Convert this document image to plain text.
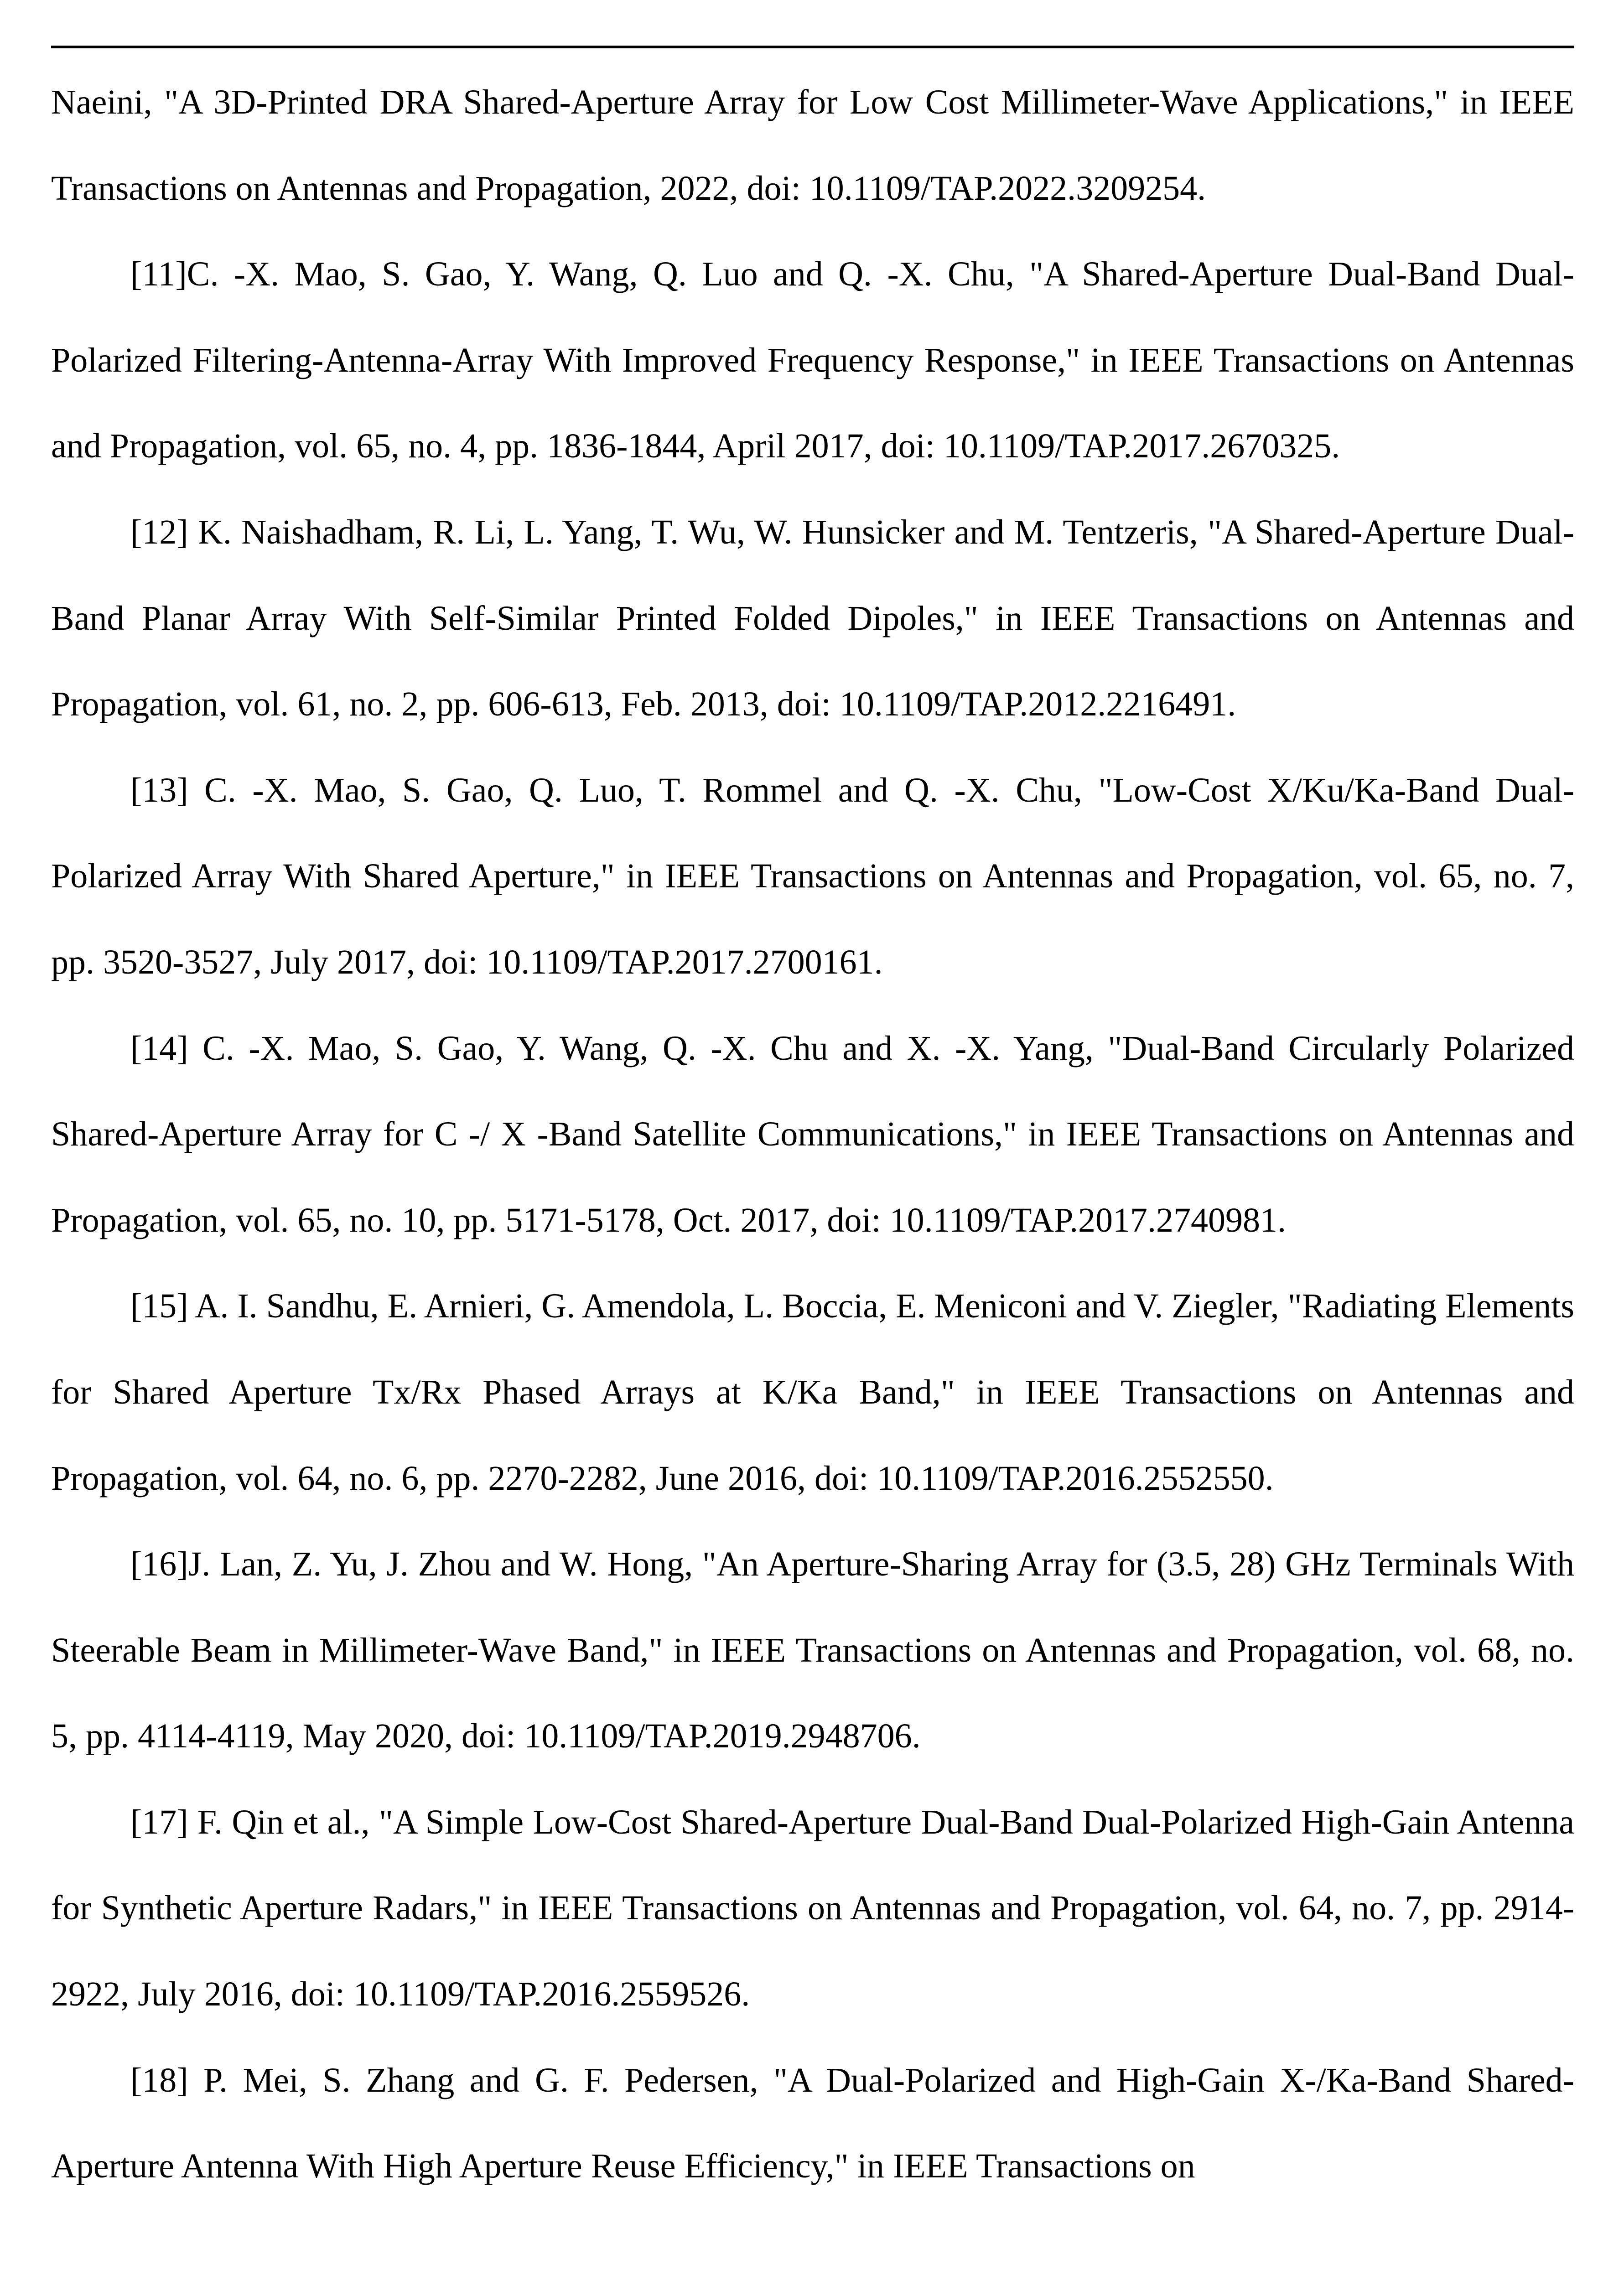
Naeini, "A 3D-Printed DRA Shared-Aperture Array for Low Cost Millimeter-Wave Applications," in IEEE Transactions on Antennas and Propagation, 2022, doi: 10.1109/TAP.2022.3209254.

[11]C. -X. Mao, S. Gao, Y. Wang, Q. Luo and Q. -X. Chu, "A Shared-Aperture Dual-Band Dual-Polarized Filtering-Antenna-Array With Improved Frequency Response," in IEEE Transactions on Antennas and Propagation, vol. 65, no. 4, pp. 1836-1844, April 2017, doi: 10.1109/TAP.2017.2670325.

[12] K. Naishadham, R. Li, L. Yang, T. Wu, W. Hunsicker and M. Tentzeris, "A Shared-Aperture Dual-Band Planar Array With Self-Similar Printed Folded Dipoles," in IEEE Transactions on Antennas and Propagation, vol. 61, no. 2, pp. 606-613, Feb. 2013, doi: 10.1109/TAP.2012.2216491.

[13] C. -X. Mao, S. Gao, Q. Luo, T. Rommel and Q. -X. Chu, "Low-Cost X/Ku/Ka-Band Dual-Polarized Array With Shared Aperture," in IEEE Transactions on Antennas and Propagation, vol. 65, no. 7, pp. 3520-3527, July 2017, doi: 10.1109/TAP.2017.2700161.

[14] C. -X. Mao, S. Gao, Y. Wang, Q. -X. Chu and X. -X. Yang, "Dual-Band Circularly Polarized Shared-Aperture Array for C -/ X -Band Satellite Communications," in IEEE Transactions on Antennas and Propagation, vol. 65, no. 10, pp. 5171-5178, Oct. 2017, doi: 10.1109/TAP.2017.2740981.

[15] A. I. Sandhu, E. Arnieri, G. Amendola, L. Boccia, E. Meniconi and V. Ziegler, "Radiating Elements for Shared Aperture Tx/Rx Phased Arrays at K/Ka Band," in IEEE Transactions on Antennas and Propagation, vol. 64, no. 6, pp. 2270-2282, June 2016, doi: 10.1109/TAP.2016.2552550.

[16]J. Lan, Z. Yu, J. Zhou and W. Hong, "An Aperture-Sharing Array for (3.5, 28) GHz Terminals With Steerable Beam in Millimeter-Wave Band," in IEEE Transactions on Antennas and Propagation, vol. 68, no. 5, pp. 4114-4119, May 2020, doi: 10.1109/TAP.2019.2948706.

[17] F. Qin et al., "A Simple Low-Cost Shared-Aperture Dual-Band Dual-Polarized High-Gain Antenna for Synthetic Aperture Radars," in IEEE Transactions on Antennas and Propagation, vol. 64, no. 7, pp. 2914-2922, July 2016, doi: 10.1109/TAP.2016.2559526.

[18] P. Mei, S. Zhang and G. F. Pedersen, "A Dual-Polarized and High-Gain X-/Ka-Band Shared-Aperture Antenna With High Aperture Reuse Efficiency," in IEEE Transactions on
